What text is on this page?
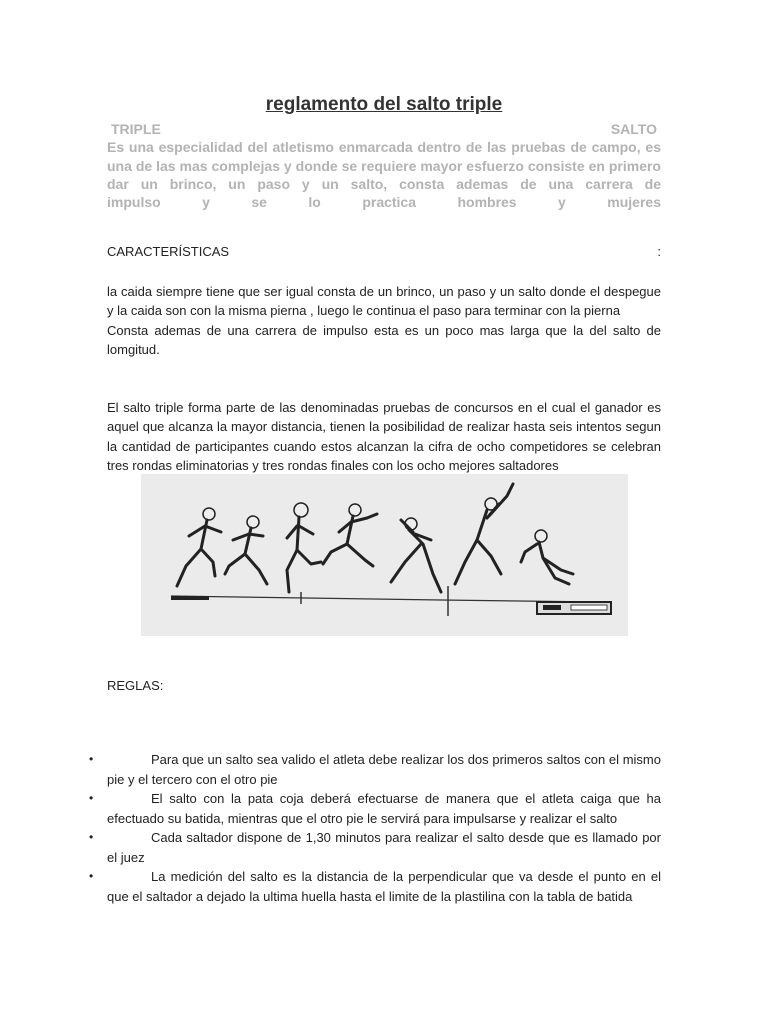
reglamento del salto triple
TRIPLE	SALTO
Es una especialidad del atletismo enmarcada dentro de las pruebas de campo, es una de las mas complejas y donde se requiere mayor esfuerzo consiste en primero dar un brinco, un paso y un salto, consta ademas de una carrera de
impulso	y	se	lo	practica	hombres	y	mujeres
CARACTERÍSTICAS	:

la caida siempre tiene que ser igual consta de un brinco, un paso y un salto donde el despegue y la caida son con la misma pierna , luego le continua el paso para terminar con la pierna

Consta ademas de una carrera de impulso esta es un poco mas larga que la del salto de lomgitud.

El salto triple forma parte de las denominadas pruebas de concursos en el cual el ganador es aquel que alcanza la mayor distancia, tienen la posibilidad de realizar hasta seis intentos segun la cantidad de participantes cuando estos alcanzan la cifra de ocho competidores se celebran tres rondas eliminatorias y tres rondas finales con los ocho mejores saltadores

REGLAS:
•	Para que un salto sea valido el atleta debe realizar los dos primeros saltos con el mismo pie y el tercero con el otro pie
•	El salto con la pata coja deberá efectuarse de manera que el atleta caiga que ha efectuado su batida, mientras que el otro pie le servirá para impulsarse y realizar el salto
•	Cada saltador dispone de 1,30 minutos para realizar el salto desde que es llamado por el juez
•	La medición del salto es la distancia de la perpendicular que va desde el punto en el que el saltador a dejado la ultima huella hasta el limite de la plastilina con la tabla de batida
